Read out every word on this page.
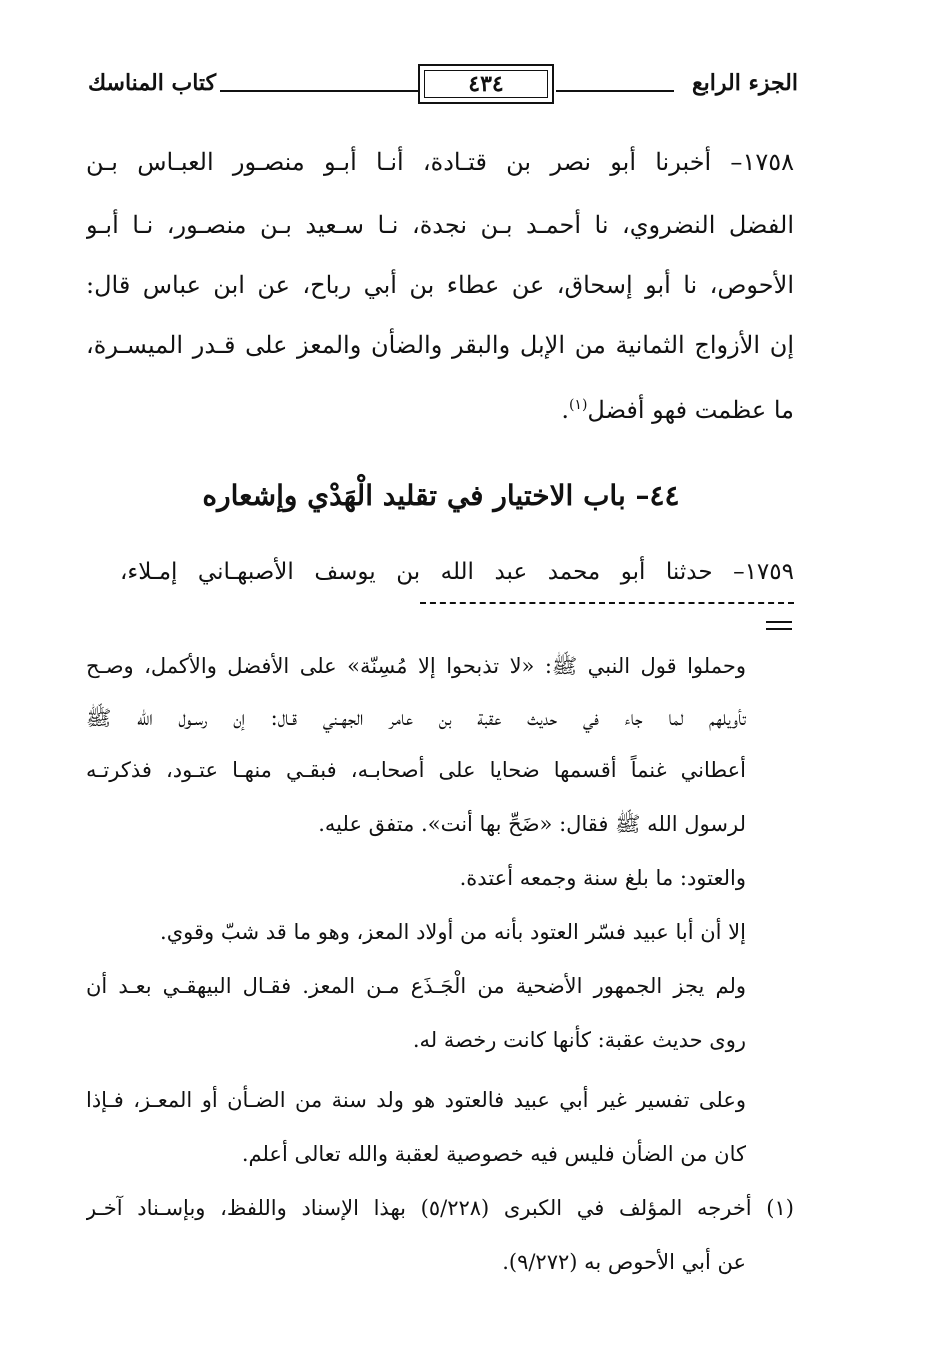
الجزء الرابع
٤٣٤
كتاب المناسك
١٧٥٨– أخبرنا أبو نصر بن قتـادة، أنـا أبـو منصـور العبـاس بـن
الفضل النضروي، نا أحمـد بـن نجدة، نـا سـعيد بـن منصـور، نـا أبـو
الأحوص، نا أبو إسحاق، عن عطاء بن أبي رباح، عن ابن عباس قال:
إن الأزواج الثمانية من الإبل والبقر والضأن والمعز على قـدر الميسـرة،
ما عظمت فهو أفضل$^{(١)}$.
٤٤– باب الاختيار في تقليد الْهَدْي وإشعاره
١٧٥٩– حدثنا أبو محمد عبد الله بن يوسف الأصبهـاني إمـلاء،
وحملوا قول النبي ﷺ: «لا تذبحوا إلا مُسِنّة» على الأفضل والأكمل، وصـح
تأويلهم لما جاء في حديث عقبة بن عامر الجهـني قـال: إن رسـول الله ﷺ
أعطاني غنماً أقسمها ضحايا على أصحابـه، فبقـي منهـا عتـود، فذكرتـه
لرسول الله ﷺ فقال: «ضَحِّ بها أنت». متفق عليه.
والعتود: ما بلغ سنة وجمعه أعتدة.
إلا أن أبا عبيد فسّر العتود بأنه من أولاد المعز، وهو ما قد شبّ وقوي.
ولم يجز الجمهور الأضحية من الْجَـذَع مـن المعز. فقـال البيهقـي بعـد أن
روى حديث عقبة: كأنها كانت رخصة له.
وعلى تفسير غير أبي عبيد فالعتود هو ولد سنة من الضـأن أو المعـز، فـإذا
كان من الضأن فليس فيه خصوصية لعقبة والله تعالى أعلم.
(١) أخرجه المؤلف في الكبرى (٥/٢٢٨) بهذا الإسناد واللفظ، وبإسـناد آخـر
عن أبي الأحوص به (٩/٢٧٢).
